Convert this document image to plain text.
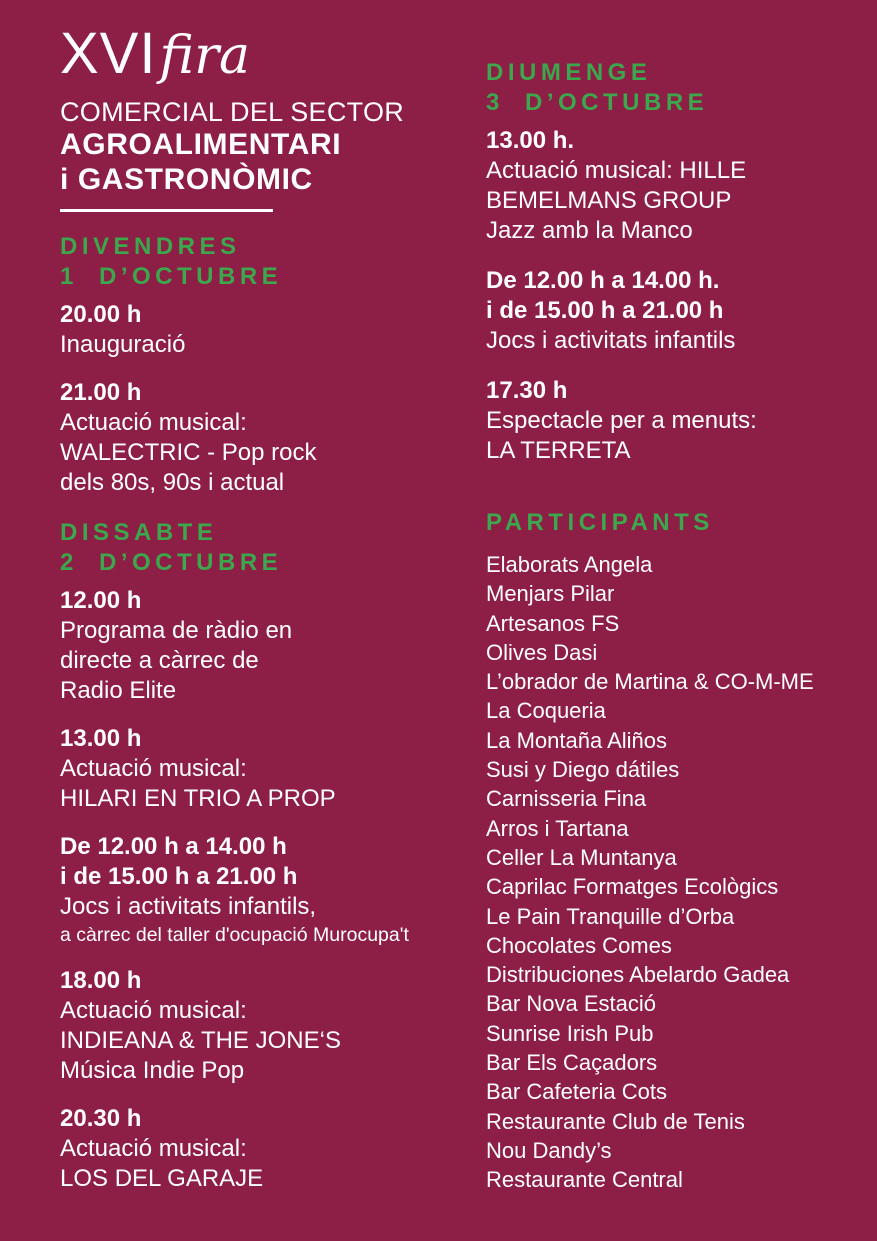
XVIfira
COMERCIAL DEL SECTOR
AGROALIMENTARI
i GASTRONÒMIC
DIVENDRES
1 D’OCTUBRE
20.00 h
Inauguració
21.00 h
Actuació musical:
WALECTRIC - Pop rock
dels 80s, 90s i actual
DISSABTE
2 D’OCTUBRE
12.00 h
Programa de ràdio en
directe a càrrec de
Radio Elite
13.00 h
Actuació musical:
HILARI EN TRIO A PROP
De 12.00 h a 14.00 h
i de 15.00 h a 21.00 h
Jocs i activitats infantils,
a càrrec del taller d'ocupació Murocupa't
18.00 h
Actuació musical:
INDIEANA & THE JONE‘S
Música Indie Pop
20.30 h
Actuació musical:
LOS DEL GARAJE
DIUMENGE
3 D’OCTUBRE
13.00 h.
Actuació musical: HILLE
BEMELMANS GROUP
Jazz amb la Manco
De 12.00 h a 14.00 h.
i de 15.00 h a 21.00 h
Jocs i activitats infantils
17.30 h
Espectacle per a menuts:
LA TERRETA
PARTICIPANTS
Elaborats Angela
Menjars Pilar
Artesanos FS
Olives Dasi
L’obrador de Martina & CO-M-ME
La Coqueria
La Montaña Aliños
Susi y Diego dátiles
Carnisseria Fina
Arros i Tartana
Celler La Muntanya
Caprilac Formatges Ecològics
Le Pain Tranquille d’Orba
Chocolates Comes
Distribuciones Abelardo Gadea
Bar Nova Estació
Sunrise Irish Pub
Bar Els Caçadors
Bar Cafeteria Cots
Restaurante Club de Tenis
Nou Dandy’s
Restaurante Central
